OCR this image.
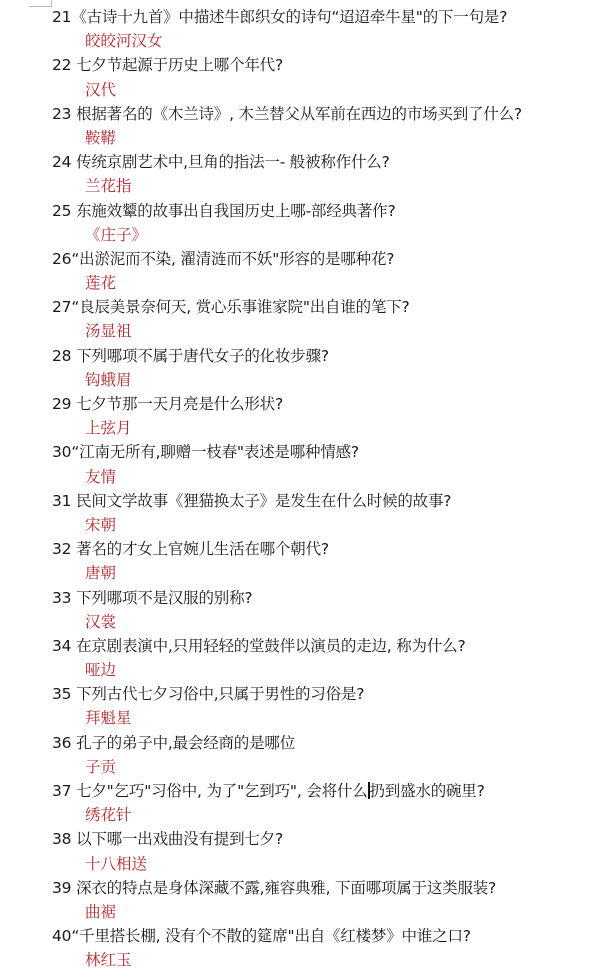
21《古诗十九首》中描述牛郎织女的诗句“迢迢牵牛星"的下一句是?
皎皎河汉女
22 七夕节起源于历史上哪个年代?
汉代
23 根据著名的《木兰诗》, 木兰替父从军前在西边的市场买到了什么?
鞍鞯
24 传统京剧艺术中,旦角的指法一- 般被称作什么?
兰花指
25 东施效颦的故事出自我国历史上哪-部经典著作?
《庄子》
26“出淤泥而不染, 濯清涟而不妖"形容的是哪种花?
莲花
27“良辰美景奈何天, 赏心乐事谁家院"出自谁的笔下?
汤显祖
28 下列哪项不属于唐代女子的化妆步骤?
钩蛾眉
29 七夕节那一天月亮是什么形状?
上弦月
30“江南无所有,聊赠一枝春"表述是哪种情感?
友情
31 民间文学故事《狸猫换太子》是发生在什么时候的故事?
宋朝
32 著名的才女上官婉儿生活在哪个朝代?
唐朝
33 下列哪项不是汉服的别称?
汉裳
34 在京剧表演中,只用轻轻的堂鼓伴以演员的走边, 称为什么?
哑边
35 下列古代七夕习俗中,只属于男性的习俗是?
拜魁星
36 孔子的弟子中,最会经商的是哪位
子贡
37 七夕"乞巧"习俗中, 为了"乞到巧", 会将什么 扔到盛水的碗里?
绣花针
38 以下哪一出戏曲没有提到七夕?
十八相送
39 深衣的特点是身体深藏不露,雍容典雅, 下面哪项属于这类服装?
曲裾
40“千里搭长棚, 没有个不散的筵席"出自《红楼梦》中谁之口?
林红玉
